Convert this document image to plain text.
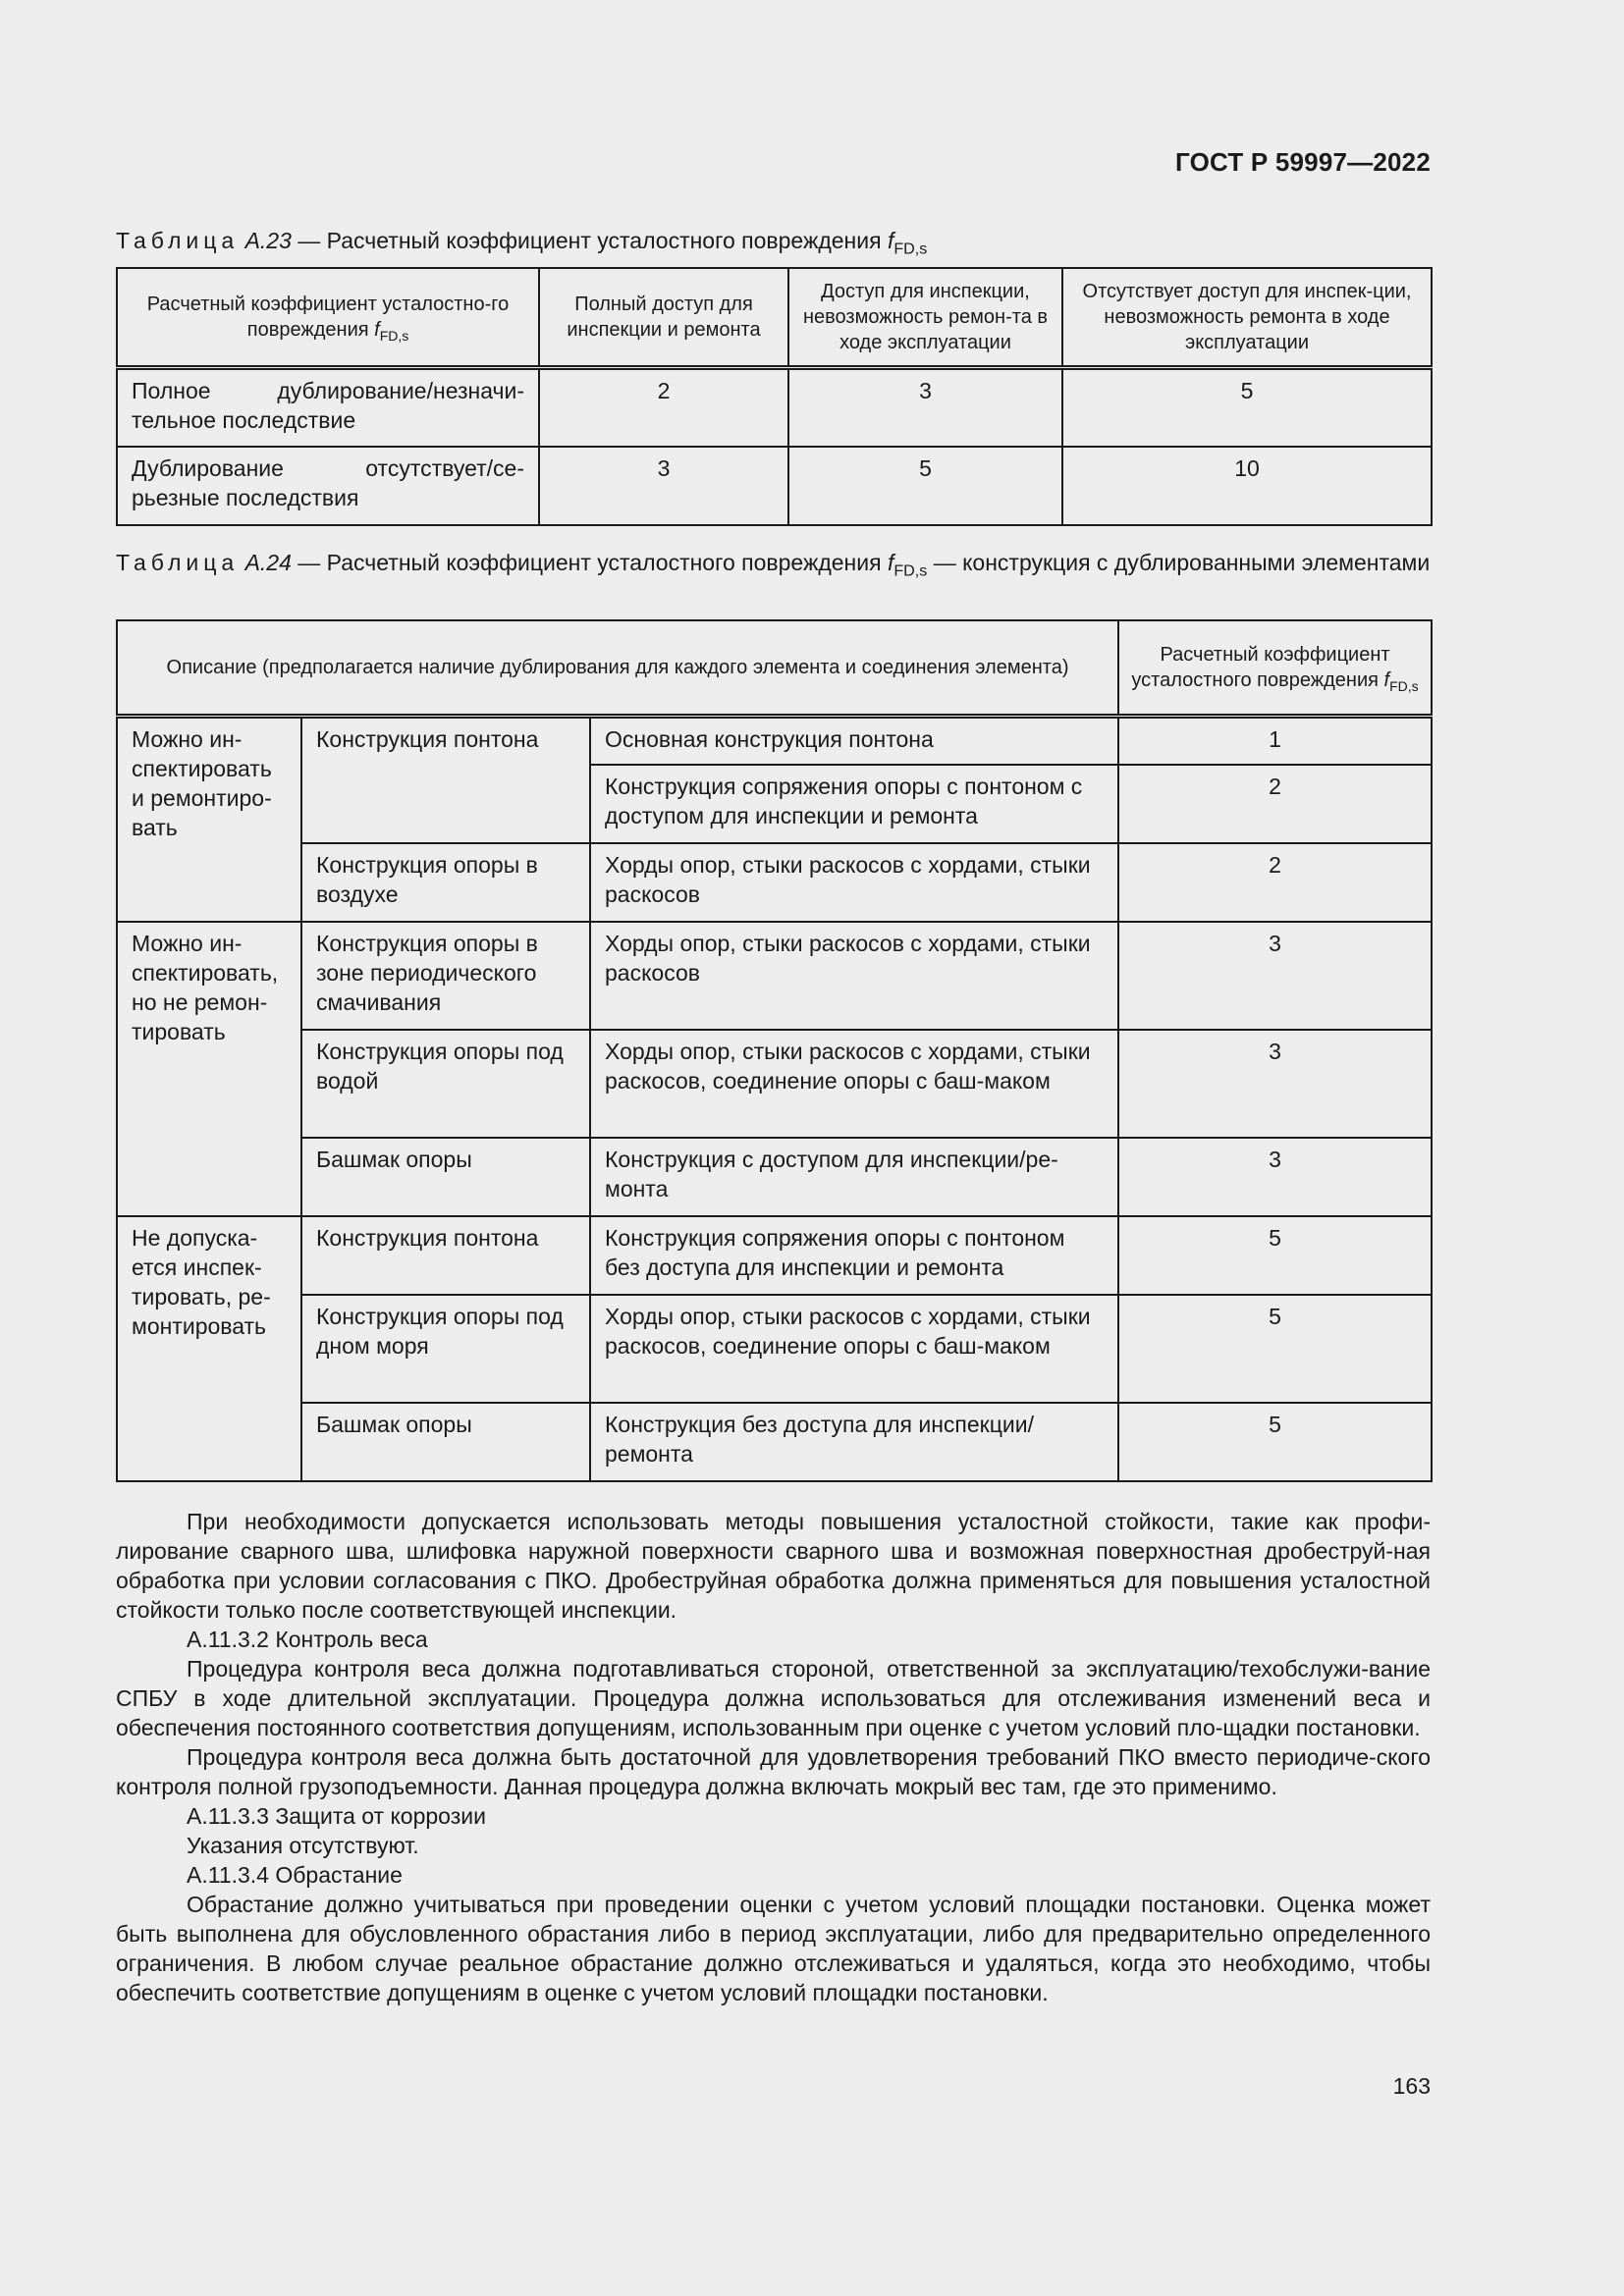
ГОСТ Р 59997—2022
Таблица А.23 — Расчетный коэффициент усталостного повреждения $f_{FD,s}$
Расчетный коэффициент усталостно-го повреждения $f_{FD,s}$	Полный доступ для инспекции и ремонта	Доступ для инспекции, невозможность ремон-та в ходе эксплуатации	Отсутствует доступ для инспек-ции, невозможность ремонта в ходе эксплуатации

Полное дублирование/незначи-
тельное последствие	2	3	5

Дублирование отсутствует/се-
рьезные последствия	3	5	10
Таблица А.24 — Расчетный коэффициент усталостного повреждения $f_{FD,s}$ — конструкция с дублированными элементами
Описание (предполагается наличие дублирования для каждого элемента и соединения элемента)			Расчетный коэффициент усталостного повреждения $f_{FD,s}$
Можно ин-спектировать и ремонтиро-вать	Конструкция понтона	Основная конструкция понтона	1
		Конструкция сопряжения опоры с понтоном с доступом для инспекции и ремонта	2
	Конструкция опоры в воздухе	Хорды опор, стыки раскосов с хордами, стыки раскосов	2
Можно ин-спектировать, но не ремон-тировать	Конструкция опоры в зоне периодического смачивания	Хорды опор, стыки раскосов с хордами, стыки раскосов	3
	Конструкция опоры под водой	Хорды опор, стыки раскосов с хордами, стыки раскосов, соединение опоры с баш-маком	3
	Башмак опоры	Конструкция с доступом для инспекции/ре-монта	3
Не допуска-ется инспек-тировать, ре-монтировать	Конструкция понтона	Конструкция сопряжения опоры с понтоном без доступа для инспекции и ремонта	5
	Конструкция опоры под дном моря	Хорды опор, стыки раскосов с хордами, стыки раскосов, соединение опоры с баш-маком	5
	Башмак опоры	Конструкция без доступа для инспекции/ ремонта	5

При необходимости допускается использовать методы повышения усталостной стойкости, такие как профи-лирование сварного шва, шлифовка наружной поверхности сварного шва и возможная поверхностная дробеструй-ная обработка при условии согласования с ПКО. Дробеструйная обработка должна применяться для повышения усталостной стойкости только после соответствующей инспекции.

А.11.3.2 Контроль веса

Процедура контроля веса должна подготавливаться стороной, ответственной за эксплуатацию/техобслужи-вание СПБУ в ходе длительной эксплуатации. Процедура должна использоваться для отслеживания изменений веса и обеспечения постоянного соответствия допущениям, использованным при оценке с учетом условий пло-щадки постановки.

Процедура контроля веса должна быть достаточной для удовлетворения требований ПКО вместо периодиче-ского контроля полной грузоподъемности. Данная процедура должна включать мокрый вес там, где это применимо.

А.11.3.3 Защита от коррозии

Указания отсутствуют.

А.11.3.4 Обрастание

Обрастание должно учитываться при проведении оценки с учетом условий площадки постановки. Оценка может быть выполнена для обусловленного обрастания либо в период эксплуатации, либо для предварительно определенного ограничения. В любом случае реальное обрастание должно отслеживаться и удаляться, когда это необходимо, чтобы обеспечить соответствие допущениям в оценке с учетом условий площадки постановки.

163
